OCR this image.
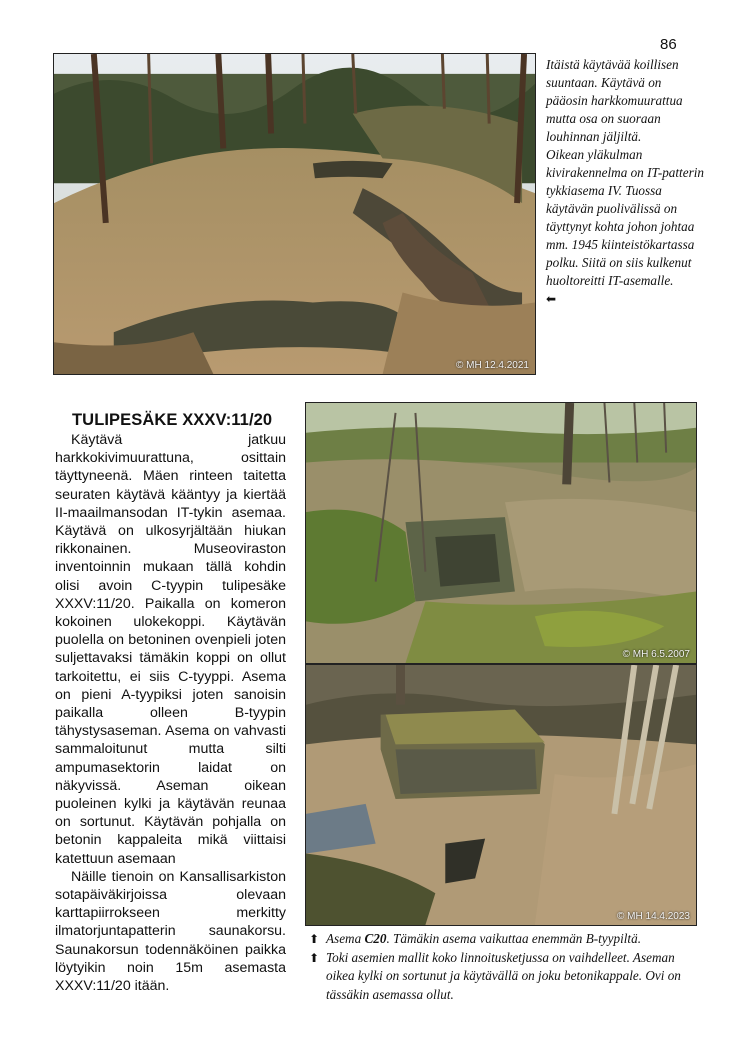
86
© MH 12.4.2021

Itäistä käytävää koillisen suuntaan. Käytävä on pääosin harkkomuurattua mutta osa on suoraan louhinnan jäljiltä.

Oikean yläkulman kivirakennelma on IT-patterin tykkiasema IV. Tuossa käytävän puolivälissä on täyttynyt kohta johon johtaa mm. 1945 kiinteistökartassa polku. Siitä on siis kulkenut huoltoreitti IT-asemalle.

⬅

TULIPESÄKE XXXV:11/20

Käytävä jatkuu harkkokivimuurattuna, osittain täyttyneenä. Mäen rinteen taitetta seuraten käytävä kääntyy ja kiertää II-maailmansodan IT-tykin asemaa. Käytävä on ulkosyrjältään hiukan rikkonainen. Museoviraston inventoinnin mukaan tällä kohdin olisi avoin C-tyypin tulipesäke XXXV:11/20. Paikalla on komeron kokoinen ulokekoppi. Käytävän puolella on betoninen ovenpieli joten suljettavaksi tämäkin koppi on ollut tarkoitettu, ei siis C-tyyppi. Asema on pieni A-tyypiksi joten sanoisin paikalla olleen B-tyypin tähystysaseman. Asema on vahvasti sammaloitunut mutta silti ampumasektorin laidat on näkyvissä. Aseman oikean puoleinen kylki ja käytävän reunaa on sortunut. Käytävän pohjalla on betonin kappaleita mikä viittaisi katettuun asemaan

Näille tienoin on Kansallisarkiston sotapäiväkirjoissa olevaan karttapiirrokseen merkitty ilmatorjuntapatterin saunakorsu. Saunakorsun todennäköinen paikka löytyikin noin 15m asemasta XXXV:11/20 itään.

© MH 6.5.2007
© MH 14.4.2023
⬆ Asema C20. Tämäkin asema vaikuttaa enemmän B-tyypiltä.
⬆ Toki asemien mallit koko linnoitusketjussa on vaihdelleet. Aseman oikea kylki on sortunut ja käytävällä on joku betonikappale. Ovi on tässäkin asemassa ollut.
